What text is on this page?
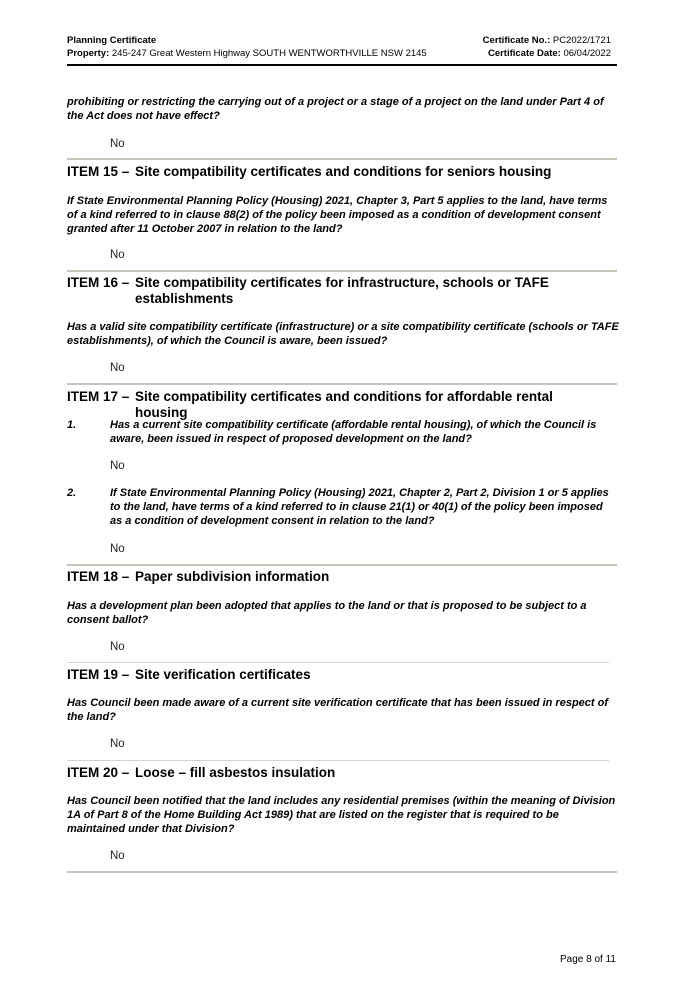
Planning Certificate	Certificate No.: PC2022/1721
Property: 245-247 Great Western Highway SOUTH WENTWORTHVILLE NSW 2145	Certificate Date: 06/04/2022

prohibiting or restricting the carrying out of a project or a stage of a project on the land under Part 4 of the Act does not have effect?

No
ITEM 15 – Site compatibility certificates and conditions for seniors housing

If State Environmental Planning Policy (Housing) 2021, Chapter 3, Part 5 applies to the land, have terms of a kind referred to in clause 88(2) of the policy been imposed as a condition of development consent granted after 11 October 2007 in relation to the land?

No
ITEM 16 – Site compatibility certificates for infrastructure, schools or TAFE establishments

Has a valid site compatibility certificate (infrastructure) or a site compatibility certificate (schools or TAFE establishments), of which the Council is aware, been issued?

No
ITEM 17 – Site compatibility certificates and conditions for affordable rental housing
1.	Has a current site compatibility certificate (affordable rental housing), of which the Council is aware, been issued in respect of proposed development on the land?
No
2.	If State Environmental Planning Policy (Housing) 2021, Chapter 2, Part 2, Division 1 or 5 applies to the land, have terms of a kind referred to in clause 21(1) or 40(1) of the policy been imposed as a condition of development consent in relation to the land?
No
ITEM 18 – Paper subdivision information

Has a development plan been adopted that applies to the land or that is proposed to be subject to a consent ballot?

No
ITEM 19 – Site verification certificates

Has Council been made aware of a current site verification certificate that has been issued in respect of the land?

No
ITEM 20 – Loose – fill asbestos insulation

Has Council been notified that the land includes any residential premises (within the meaning of Division 1A of Part 8 of the Home Building Act 1989) that are listed on the register that is required to be maintained under that Division?

No
Page 8 of 11
